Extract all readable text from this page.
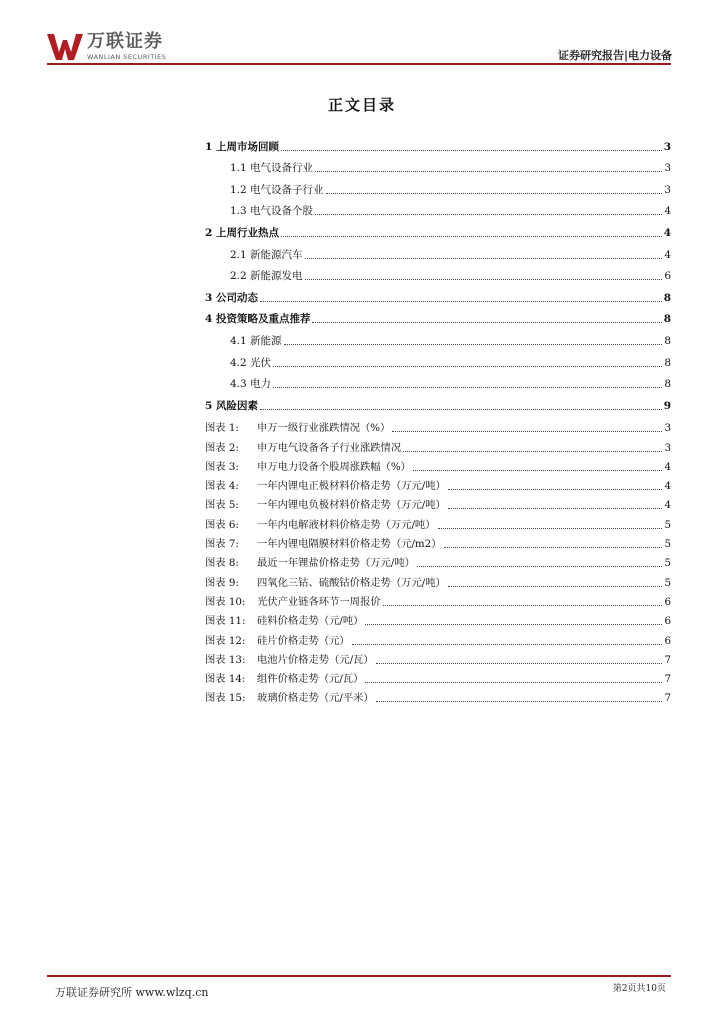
万联证券
WANLIAN SECURITIES	证券研究报告|电力设备
正文目录
1 上周市场回顾	3
1.1 电气设备行业	3
1.2 电气设备子行业	3
1.3 电气设备个股	4
2 上周行业热点	4
2.1 新能源汽车	4
2.2 新能源发电	6
3 公司动态	8
4 投资策略及重点推荐	8
4.1 新能源	8
4.2 光伏	8
4.3 电力	8
5 风险因素	9
图表 1:	申万一级行业涨跌情况（%）	3
图表 2:	申万电气设备各子行业涨跌情况	3
图表 3:	申万电力设备个股周涨跌幅（%）	4
图表 4:	一年内锂电正极材料价格走势（万元/吨）	4
图表 5:	一年内锂电负极材料价格走势（万元/吨）	4
图表 6:	一年内电解液材料价格走势（万元/吨）	5
图表 7:	一年内锂电隔膜材料价格走势（元/m2）	5
图表 8:	最近一年锂盐价格走势（万元/吨）	5
图表 9:	四氧化三钴、硫酸钴价格走势（万元/吨）	5
图表 10:	光伏产业链各环节一周报价	6
图表 11:	硅料价格走势（元/吨）	6
图表 12:	硅片价格走势（元）	6
图表 13:	电池片价格走势（元/瓦）	7
图表 14:	组件价格走势（元/瓦）	7
图表 15:	玻璃价格走势（元/平米）	7
万联证券研究所 www.wlzq.cn	第2页共10页
